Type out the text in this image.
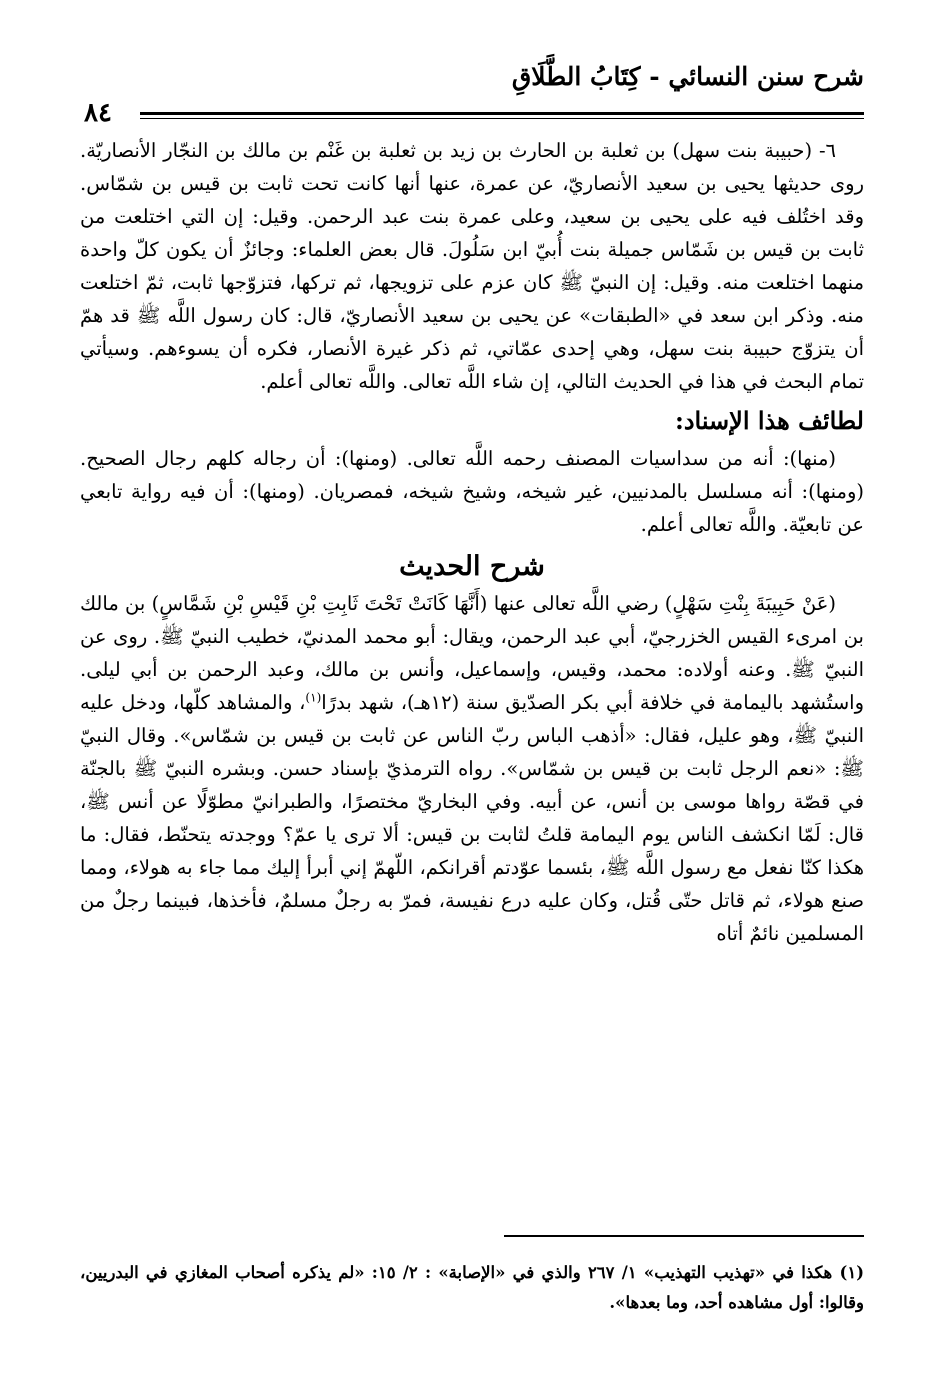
شرح سنن النسائي - كِتَابُ الطَّلَاقِ
٨٤

٦- (حبيبة بنت سهل) بن ثعلبة بن الحارث بن زيد بن ثعلبة بن غَنْم بن مالك بن النجّار الأنصاريّة. روى حديثها يحيى بن سعيد الأنصاريّ، عن عمرة، عنها أنها كانت تحت ثابت بن قيس بن شمّاس. وقد اختُلف فيه على يحيى بن سعيد، وعلى عمرة بنت عبد الرحمن. وقيل: إن التي اختلعت من ثابت بن قيس بن شَمّاس جميلة بنت أُبيّ ابن سَلُولَ. قال بعض العلماء: وجائزٌ أن يكون كلّ واحدة منهما اختلعت منه. وقيل: إن النبيّ ﷺ كان عزم على تزويجها، ثم تركها، فتزوّجها ثابت، ثمّ اختلعت منه. وذكر ابن سعد في «الطبقات» عن يحيى بن سعيد الأنصاريّ، قال: كان رسول اللَّه ﷺ قد همّ أن يتزوّج حبيبة بنت سهل، وهي إحدى عمّاتي، ثم ذكر غيرة الأنصار، فكره أن يسوءهم. وسيأتي تمام البحث في هذا في الحديث التالي، إن شاء اللَّه تعالى. واللَّه تعالى أعلم.

لطائف هذا الإسناد:

(منها): أنه من سداسيات المصنف رحمه اللَّه تعالى. (ومنها): أن رجاله كلهم رجال الصحيح. (ومنها): أنه مسلسل بالمدنيين، غير شيخه، وشيخ شيخه، فمصريان. (ومنها): أن فيه رواية تابعي عن تابعيّة. واللَّه تعالى أعلم.

شرح الحديث

(عَنْ حَبِيبَةَ بِنْتِ سَهْلٍ) رضي اللَّه تعالى عنها (أَنَّهَا كَانَتْ تَحْتَ ثَابِتِ بْنِ قَيْسِ بْنِ شَمَّاسٍ) بن مالك بن امرىء القيس الخزرجيّ، أبي عبد الرحمن، ويقال: أبو محمد المدنيّ، خطيب النبيّ ﷺ. روى عن النبيّ ﷺ. وعنه أولاده: محمد، وقيس، وإسماعيل، وأنس بن مالك، وعبد الرحمن بن أبي ليلى. واستُشهد باليمامة في خلافة أبي بكر الصدّيق سنة (١٢هـ)، شهد بدرًا$^{(١)}$، والمشاهد كلّها، ودخل عليه النبيّ ﷺ، وهو عليل، فقال: «أذهب الباس ربّ الناس عن ثابت بن قيس بن شمّاس». وقال النبيّ ﷺ: «نعم الرجل ثابت بن قيس بن شمّاس». رواه الترمذيّ بإسناد حسن. وبشره النبيّ ﷺ بالجنّة في قصّة رواها موسى بن أنس، عن أبيه. وفي البخاريّ مختصرًا، والطبرانيّ مطوّلًا عن أنس ﷺ، قال: لَمّا انكشف الناس يوم اليمامة قلتُ لثابت بن قيس: ألا ترى يا عمّ؟ ووجدته يتحنّط، فقال: ما هكذا كنّا نفعل مع رسول اللَّه ﷺ، بئسما عوّدتم أقرانكم، اللّهمّ إني أبرأ إليك مما جاء به هولاء، ومما صنع هولاء، ثم قاتل حتّى قُتل، وكان عليه درع نفيسة، فمرّ به رجلٌ مسلمٌ، فأخذها، فبينما رجلٌ من المسلمين نائمٌ أتاه

(١) هكذا في «تهذيب التهذيب» ١/ ٢٦٧ والذي في «الإصابة» : ٢/ ١٥: «لم يذكره أصحاب المغازي في البدريين، وقالوا: أول مشاهده أحد، وما بعدها».
